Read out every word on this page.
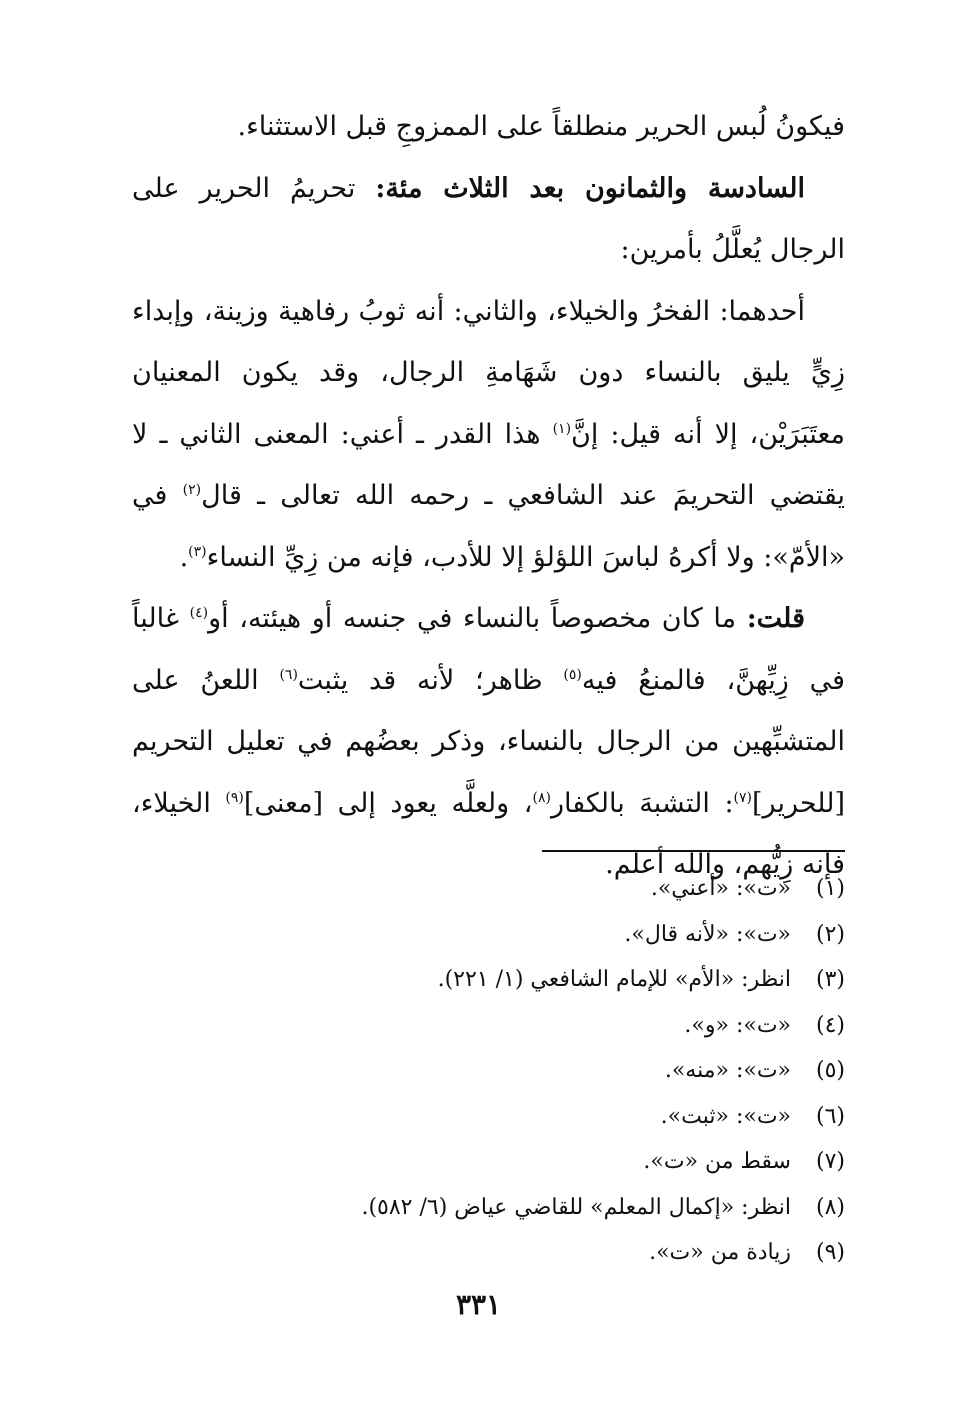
فيكونُ لُبس الحرير منطلقاً على الممزوجِ قبل الاستثناء.

السادسة والثمانون بعد الثلاث مئة: تحريمُ الحرير على الرجال يُعلَّلُ بأمرين:

أحدهما: الفخرُ والخيلاء، والثاني: أنه ثوبُ رفاهية وزينة، وإبداء زِيٍّ يليق بالنساء دون شَهَامةِ الرجال، وقد يكون المعنيان معتَبَرَيْن، إلا أنه قيل: إنَّ$^{(١)}$ هذا القدر ـ أعني: المعنى الثاني ـ لا يقتضي التحريمَ عند الشافعي ـ رحمه الله تعالى ـ قال$^{(٢)}$ في «الأمّ»: ولا أكرهُ لباسَ اللؤلؤ إلا للأدب، فإنه من زِيِّ النساء$^{(٣)}$.

قلت: ما كان مخصوصاً بالنساء في جنسه أو هيئته، أو$^{(٤)}$ غالباً في زِيِّهنَّ، فالمنعُ فيه$^{(٥)}$ ظاهر؛ لأنه قد يثبت$^{(٦)}$ اللعنُ على المتشبِّهين من الرجال بالنساء، وذكر بعضُهم في تعليل التحريم [للحرير]$^{(٧)}$: التشبهَ بالكفار$^{(٨)}$، ولعلَّه يعود إلى [معنى]$^{(٩)}$ الخيلاء، فإنه زِيُّهم، والله أعلم.

(١)
«ت»: «أعني».
(٢)
«ت»: «لأنه قال».
(٣)
انظر: «الأم» للإمام الشافعي (١/ ٢٢١).
(٤)
«ت»: «و».
(٥)
«ت»: «منه».
(٦)
«ت»: «ثبت».
(٧)
سقط من «ت».
(٨)
انظر: «إكمال المعلم» للقاضي عياض (٦/ ٥٨٢).
(٩)
زيادة من «ت».
٣٣١
